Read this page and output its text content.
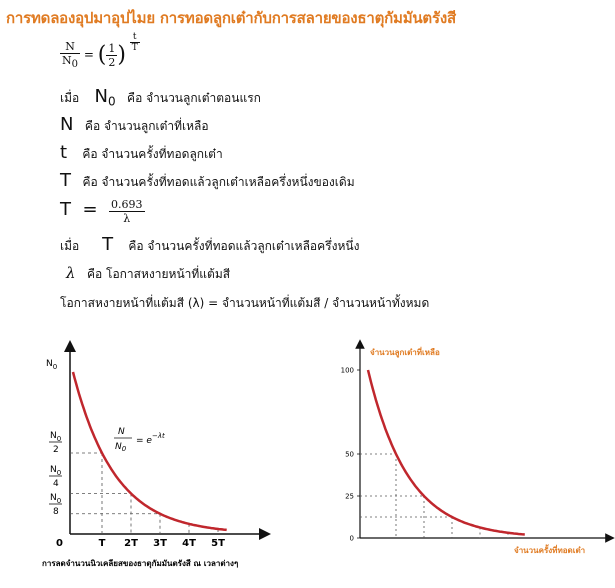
การทดลองอุปมาอุปไมย การทอดลูกเต๋ากับการสลายของธาตุกัมมันตรังสี
$\frac{N}{N_0}$ = ( $\frac{1}{2}$ )
$\frac{t}{T}$
เมื่อ $N_0$ คือ จำนวนลูกเต๋าตอนแรก
N คือ จำนวนลูกเต๋าที่เหลือ
t คือ จำนวนครั้งที่ทอดลูกเต๋า
T คือ จำนวนครั้งที่ทอดแล้วลูกเต๋าเหลือครึ่งหนึ่งของเดิม
$T = \frac{0.693}{\lambda}$
เมื่อ T คือ จำนวนครั้งที่ทอดแล้วลูกเต๋าเหลือครึ่งหนึ่ง
λ คือ โอกาสหงายหน้าที่แต้มสี
โอกาสหงายหน้าที่แต้มสี (λ) = จำนวนหน้าที่แต้มสี / จำนวนหน้าทั้งหมด
T 2T 3T 4T 5T
0
$N_0$
$N_0$
2
$N_0$
4
$N_0$
8
N
$N_0$
= $e^{-\lambda t}$
การลดจำนวนนิวเคลียสของธาตุกัมมันตรังสี ณ เวลาต่างๆ
100
50
25
0
จำนวนลูกเต๋าที่เหลือ
จำนวนครั้งที่ทอดเต๋า
